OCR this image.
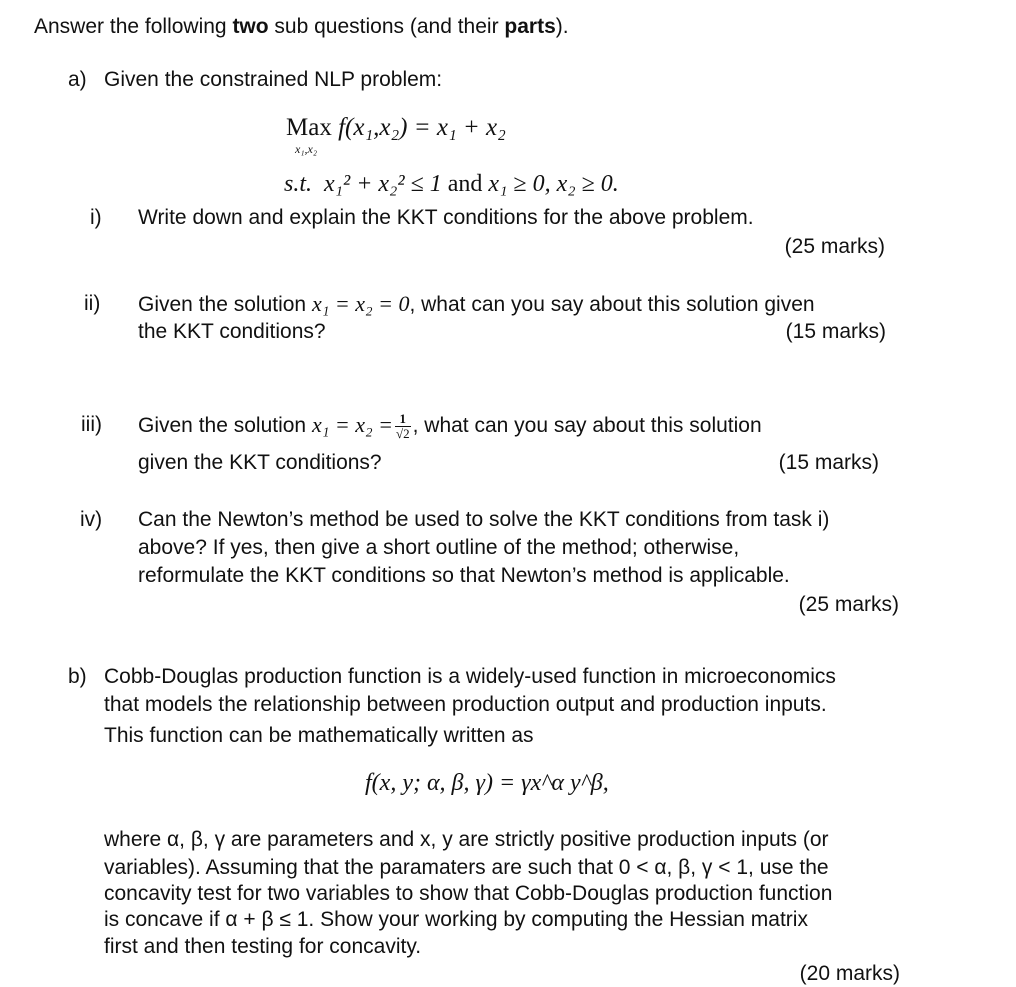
Answer the following two sub questions (and their parts).
a) Given the constrained NLP problem:
Max f(x₁,x₂) = x₁ + x₂
x₁,x₂
s.t. x₁² + x₂² ≤ 1 and x₁ ≥ 0, x₂ ≥ 0.
i) Write down and explain the KKT conditions for the above problem.
(25 marks)
ii) Given the solution x₁ = x₂ = 0, what can you say about this solution given
the KKT conditions?	(15 marks)
iii) Given the solution $x_1 = x_2 = \frac{1}{√2}$ , what can you say about this solution
given the KKT conditions?	(15 marks)
iv) Can the Newton’s method be used to solve the KKT conditions from task i)
above? If yes, then give a short outline of the method; otherwise,
reformulate the KKT conditions so that Newton’s method is applicable.
(25 marks)
b) Cobb-Douglas production function is a widely-used function in microeconomics
that models the relationship between production output and production inputs.
This function can be mathematically written as
f(x, y; α, β, γ) = γx^α y^β,
where α, β, γ are parameters and x, y are strictly positive production inputs (or
variables). Assuming that the paramaters are such that 0 < α, β, γ < 1, use the
concavity test for two variables to show that Cobb-Douglas production function
is concave if α + β ≤ 1. Show your working by computing the Hessian matrix
first and then testing for concavity.
(20 marks)
